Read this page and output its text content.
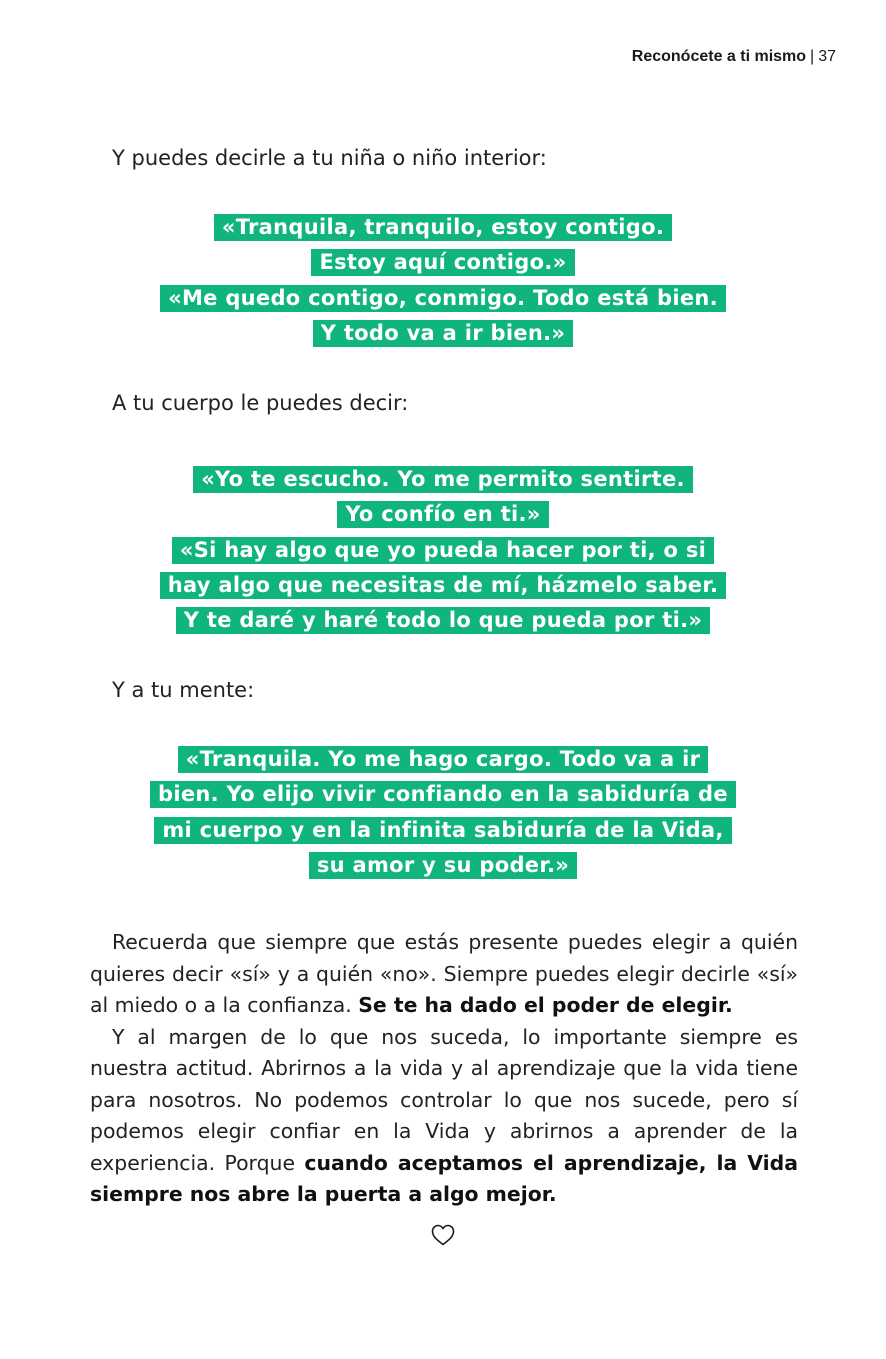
Reconócete a ti mismo | 37
Y puedes decirle a tu niña o niño interior:
«Tranquila, tranquilo, estoy contigo.
Estoy aquí contigo.»
«Me quedo contigo, conmigo. Todo está bien.
Y todo va a ir bien.»
A tu cuerpo le puedes decir:
«Yo te escucho. Yo me permito sentirte.
Yo confío en ti.»
«Si hay algo que yo pueda hacer por ti, o si
hay algo que necesitas de mí, házmelo saber.
Y te daré y haré todo lo que pueda por ti.»
Y a tu mente:
«Tranquila. Yo me hago cargo. Todo va a ir
bien. Yo elijo vivir confiando en la sabiduría de
mi cuerpo y en la infinita sabiduría de la Vida,
su amor y su poder.»

Recuerda que siempre que estás presente puedes elegir a quién quieres decir «sí» y a quién «no». Siempre puedes elegir decirle «sí» al miedo o a la confianza. Se te ha dado el poder de elegir.

Y al margen de lo que nos suceda, lo importante siempre es nuestra actitud. Abrirnos a la vida y al aprendizaje que la vida tiene para nosotros. No podemos controlar lo que nos sucede, pero sí podemos elegir confiar en la Vida y abrirnos a aprender de la experiencia. Porque cuando aceptamos el aprendizaje, la Vida siempre nos abre la puerta a algo mejor.
